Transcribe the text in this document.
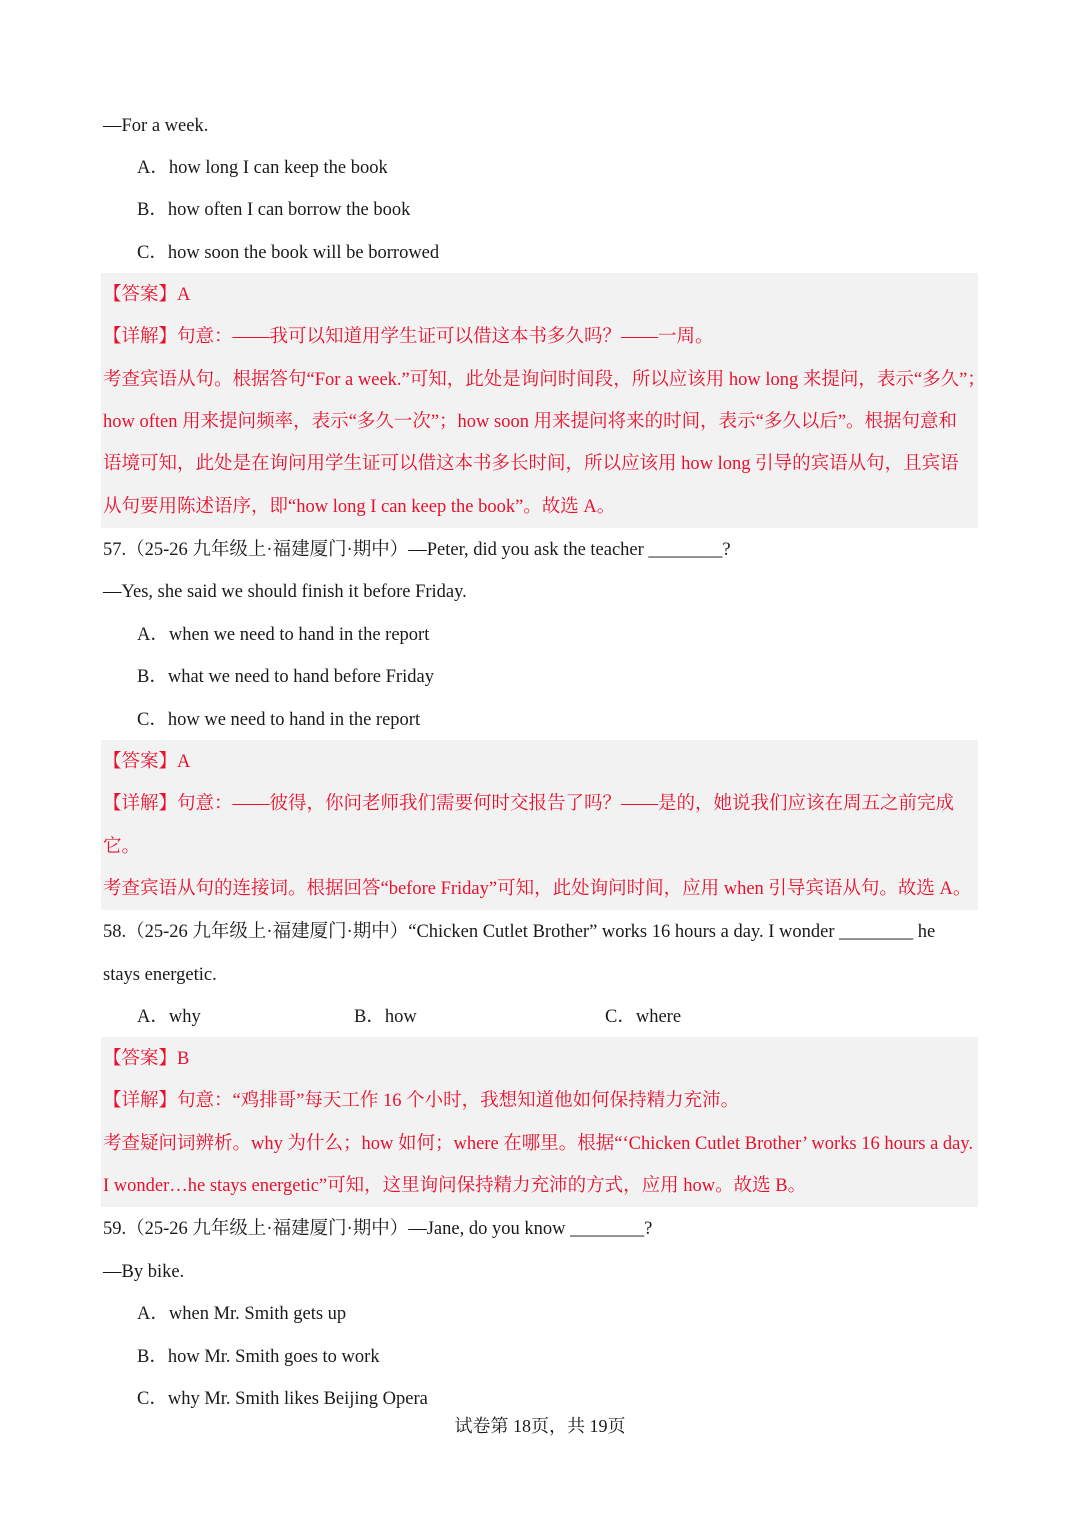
—For a week.
A．how long I can keep the book
B．how often I can borrow the book
C．how soon the book will be borrowed
【答案】A
【详解】句意：——我可以知道用学生证可以借这本书多久吗？——一周。
考查宾语从句。根据答句“For a week.”可知，此处是询问时间段，所以应该用 how long 来提问，表示“多久”；
how often 用来提问频率，表示“多久一次”；how soon 用来提问将来的时间，表示“多久以后”。根据句意和
语境可知，此处是在询问用学生证可以借这本书多长时间，所以应该用 how long 引导的宾语从句，且宾语
从句要用陈述语序，即“how long I can keep the book”。故选 A。
57.（25-26 九年级上·福建厦门·期中）—Peter, did you ask the teacher ________?
—Yes, she said we should finish it before Friday.
A．when we need to hand in the report
B．what we need to hand before Friday
C．how we need to hand in the report
【答案】A
【详解】句意：——彼得，你问老师我们需要何时交报告了吗？——是的，她说我们应该在周五之前完成
它。
考查宾语从句的连接词。根据回答“before Friday”可知，此处询问时间，应用 when 引导宾语从句。故选 A。
58.（25-26 九年级上·福建厦门·期中）“Chicken Cutlet Brother” works 16 hours a day. I wonder ________ he
stays energetic.
A．why	B．how	C．where
【答案】B
【详解】句意：“鸡排哥”每天工作 16 个小时，我想知道他如何保持精力充沛。
考查疑问词辨析。why 为什么；how 如何；where 在哪里。根据“‘Chicken Cutlet Brother’ works 16 hours a day.
I wonder…he stays energetic”可知，这里询问保持精力充沛的方式，应用 how。故选 B。
59.（25-26 九年级上·福建厦门·期中）—Jane, do you know ________?
—By bike.
A．when Mr. Smith gets up
B．how Mr. Smith goes to work
C．why Mr. Smith likes Beijing Opera
试卷第 18页，共 19页
